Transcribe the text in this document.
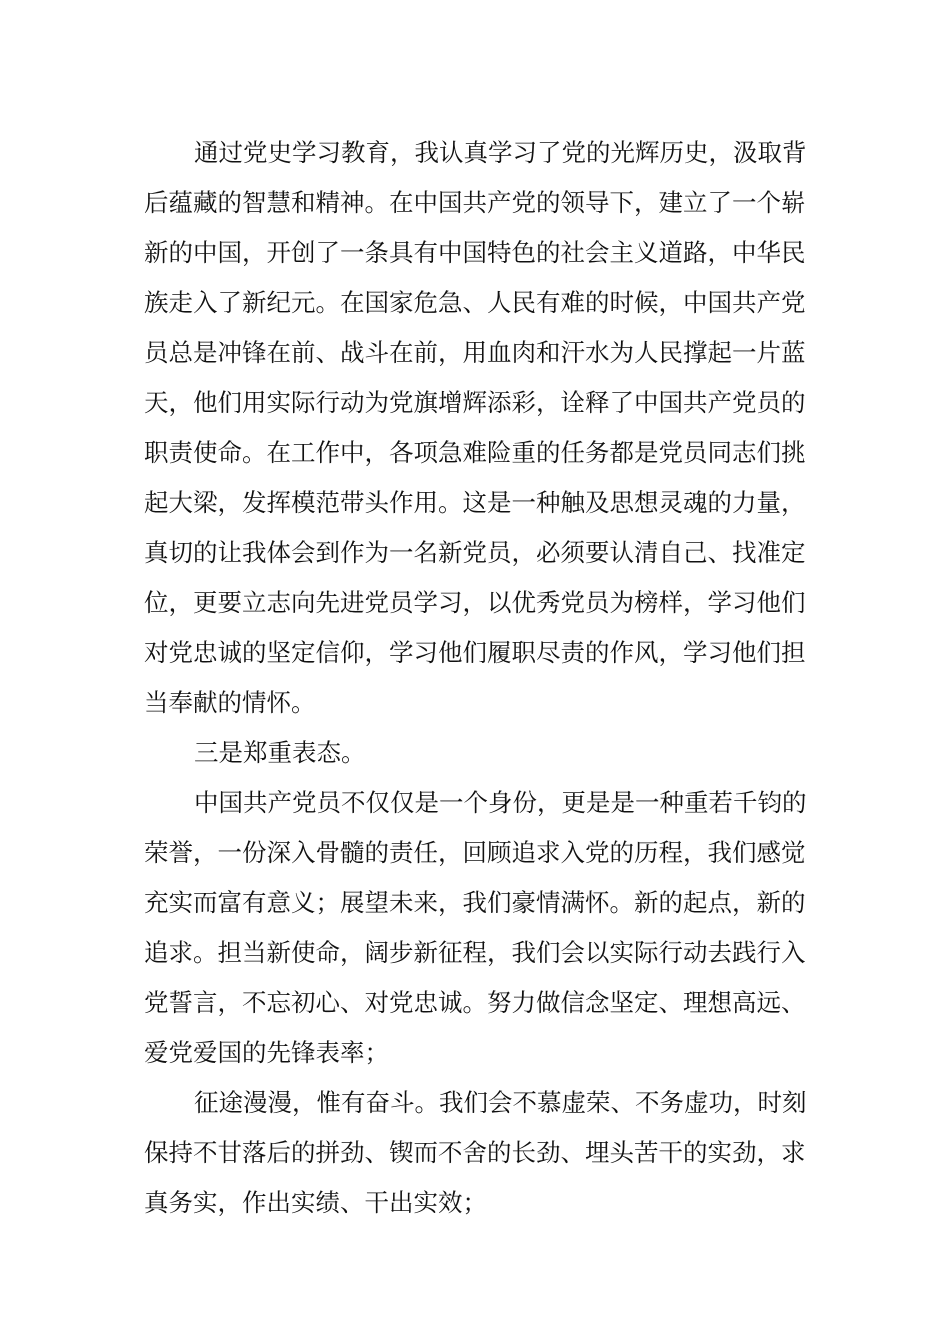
通过党史学习教育，我认真学习了党的光辉历史，汲取背
后蕴藏的智慧和精神。在中国共产党的领导下，建立了一个崭
新的中国，开创了一条具有中国特色的社会主义道路，中华民
族走入了新纪元。在国家危急、人民有难的时候，中国共产党
员总是冲锋在前、战斗在前，用血肉和汗水为人民撑起一片蓝
天，他们用实际行动为党旗增辉添彩，诠释了中国共产党员的
职责使命。在工作中，各项急难险重的任务都是党员同志们挑
起大梁，发挥模范带头作用。这是一种触及思想灵魂的力量，
真切的让我体会到作为一名新党员，必须要认清自己、找准定
位，更要立志向先进党员学习，以优秀党员为榜样，学习他们
对党忠诚的坚定信仰，学习他们履职尽责的作风，学习他们担
当奉献的情怀。
三是郑重表态。
中国共产党员不仅仅是一个身份，更是是一种重若千钧的
荣誉，一份深入骨髓的责任，回顾追求入党的历程，我们感觉
充实而富有意义；展望未来，我们豪情满怀。新的起点，新的
追求。担当新使命，阔步新征程，我们会以实际行动去践行入
党誓言，不忘初心、对党忠诚。努力做信念坚定、理想高远、
爱党爱国的先锋表率；
征途漫漫，惟有奋斗。我们会不慕虚荣、不务虚功，时刻
保持不甘落后的拼劲、锲而不舍的长劲、埋头苦干的实劲，求
真务实，作出实绩、干出实效；
